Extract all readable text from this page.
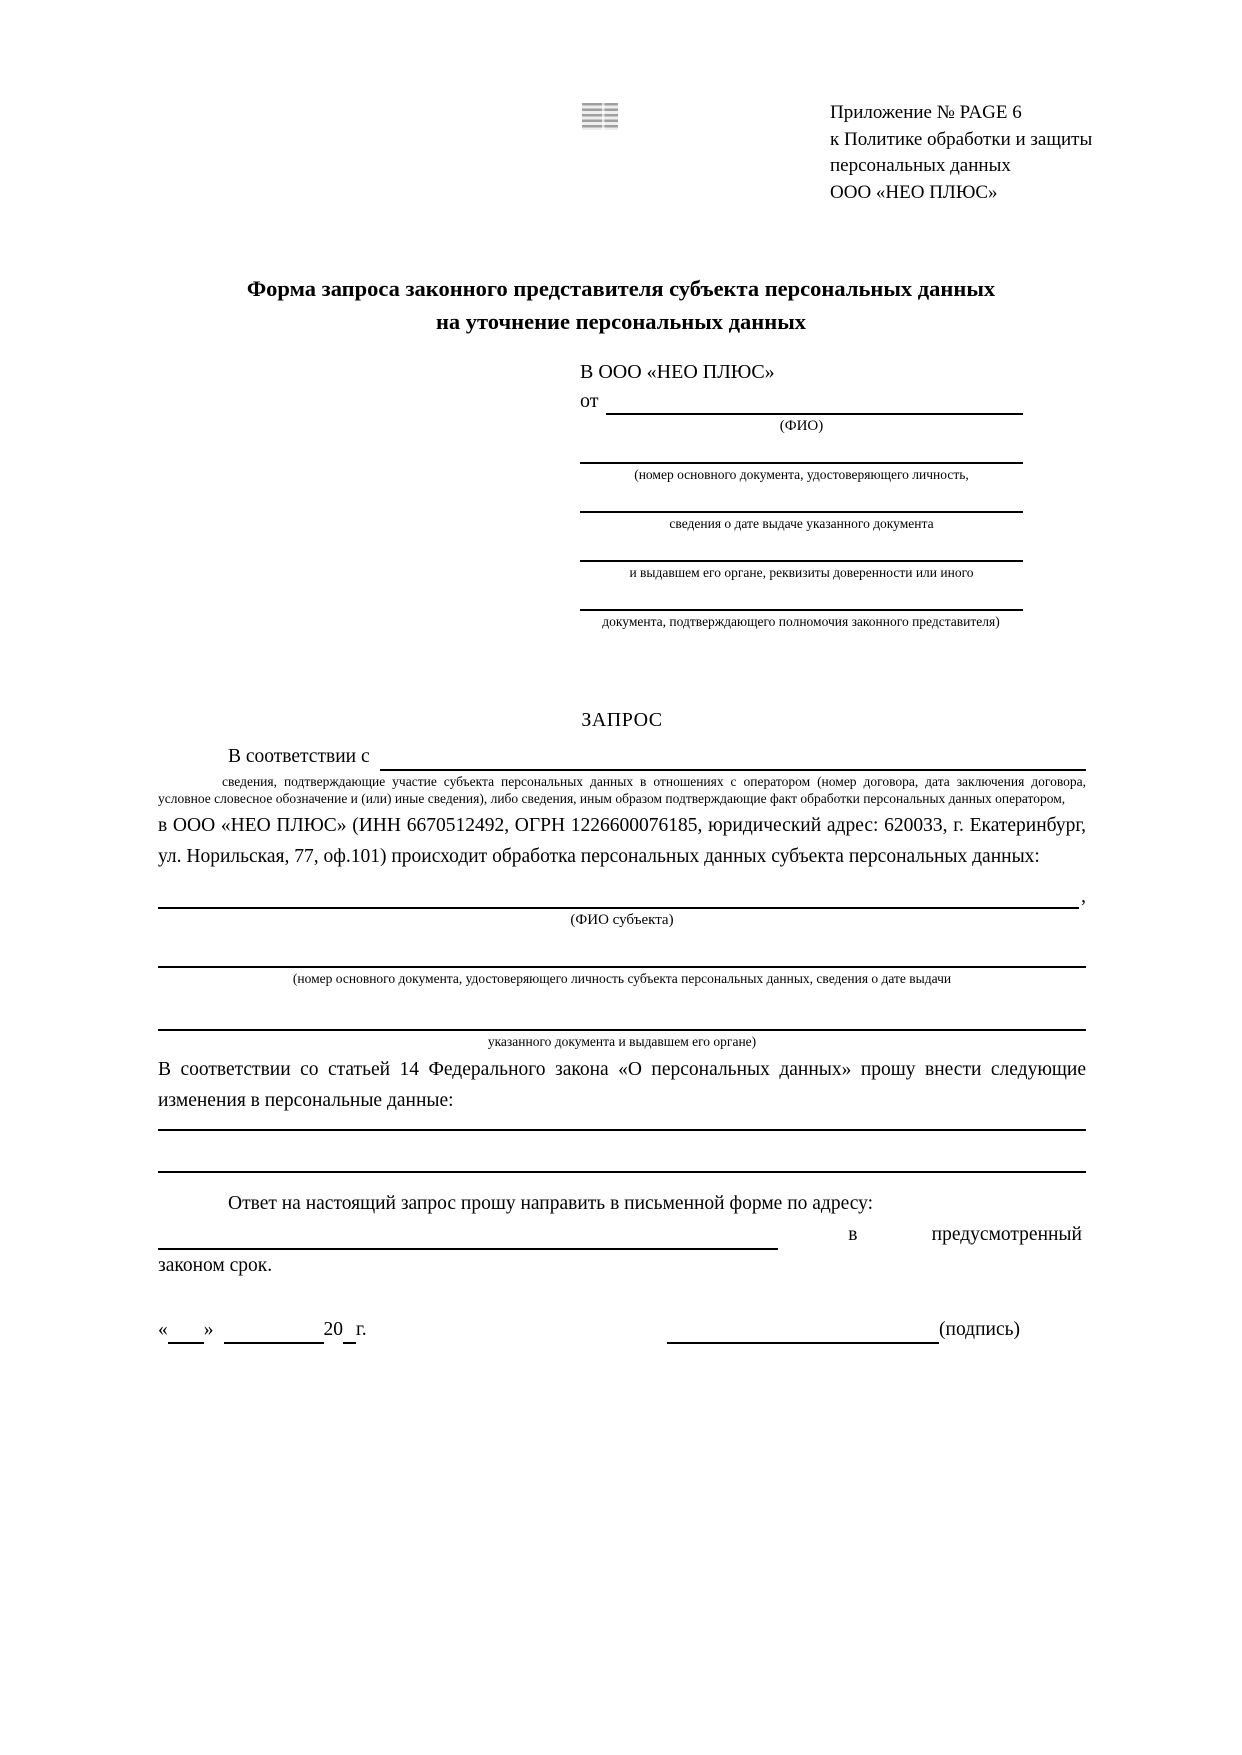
Приложение № PAGE 6
к Политике обработки и защиты
персональных данных
ООО «НЕО ПЛЮС»
Форма запроса законного представителя субъекта персональных данных
на уточнение персональных данных
В ООО «НЕО ПЛЮС»
от
(ФИО)
(номер основного документа, удостоверяющего личность,
сведения о дате выдаче указанного документа
и выдавшем его органе, реквизиты доверенности или иного
документа, подтверждающего полномочия законного представителя)
ЗАПРОС
В соответствии с
сведения, подтверждающие участие субъекта персональных данных в отношениях с оператором (номер договора, дата заключения договора, условное словесное обозначение и (или) иные сведения), либо сведения, иным образом подтверждающие факт обработки персональных данных оператором,
в ООО «НЕО ПЛЮС» (ИНН 6670512492, ОГРН 1226600076185, юридический адрес: 620033, г. Екатеринбург, ул. Норильская, 77, оф.101) происходит обработка персональных данных субъекта персональных данных:
,
(ФИО субъекта)
(номер основного документа, удостоверяющего личность субъекта персональных данных, сведения о дате выдачи
указанного документа и выдавшем его органе)
В соответствии со статьей 14 Федерального закона «О персональных данных» прошу внести следующие изменения в персональные данные:
Ответ на настоящий запрос прошу направить в письменной форме по адресу:
в	предусмотренный
законом срок.
« »	20 г.	(подпись)
